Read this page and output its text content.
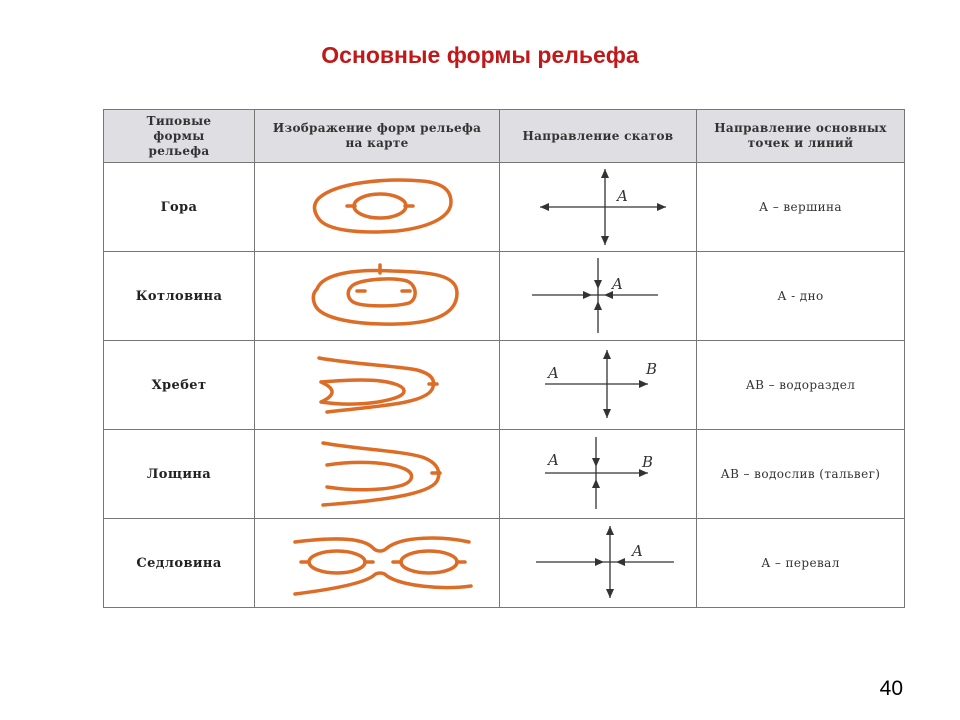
Основные формы рельефа
Типовые формы рельефа	Изображение форм рельефа на карте	Направление скатов	Направление основных точек и линий
Гора		A	А – вершина
Котловина		A	А - дно
Хребет		A B	АВ – водораздел
Лощина		A B	АВ – водослив (тальвег)
Седловина		A	А – перевал
40
